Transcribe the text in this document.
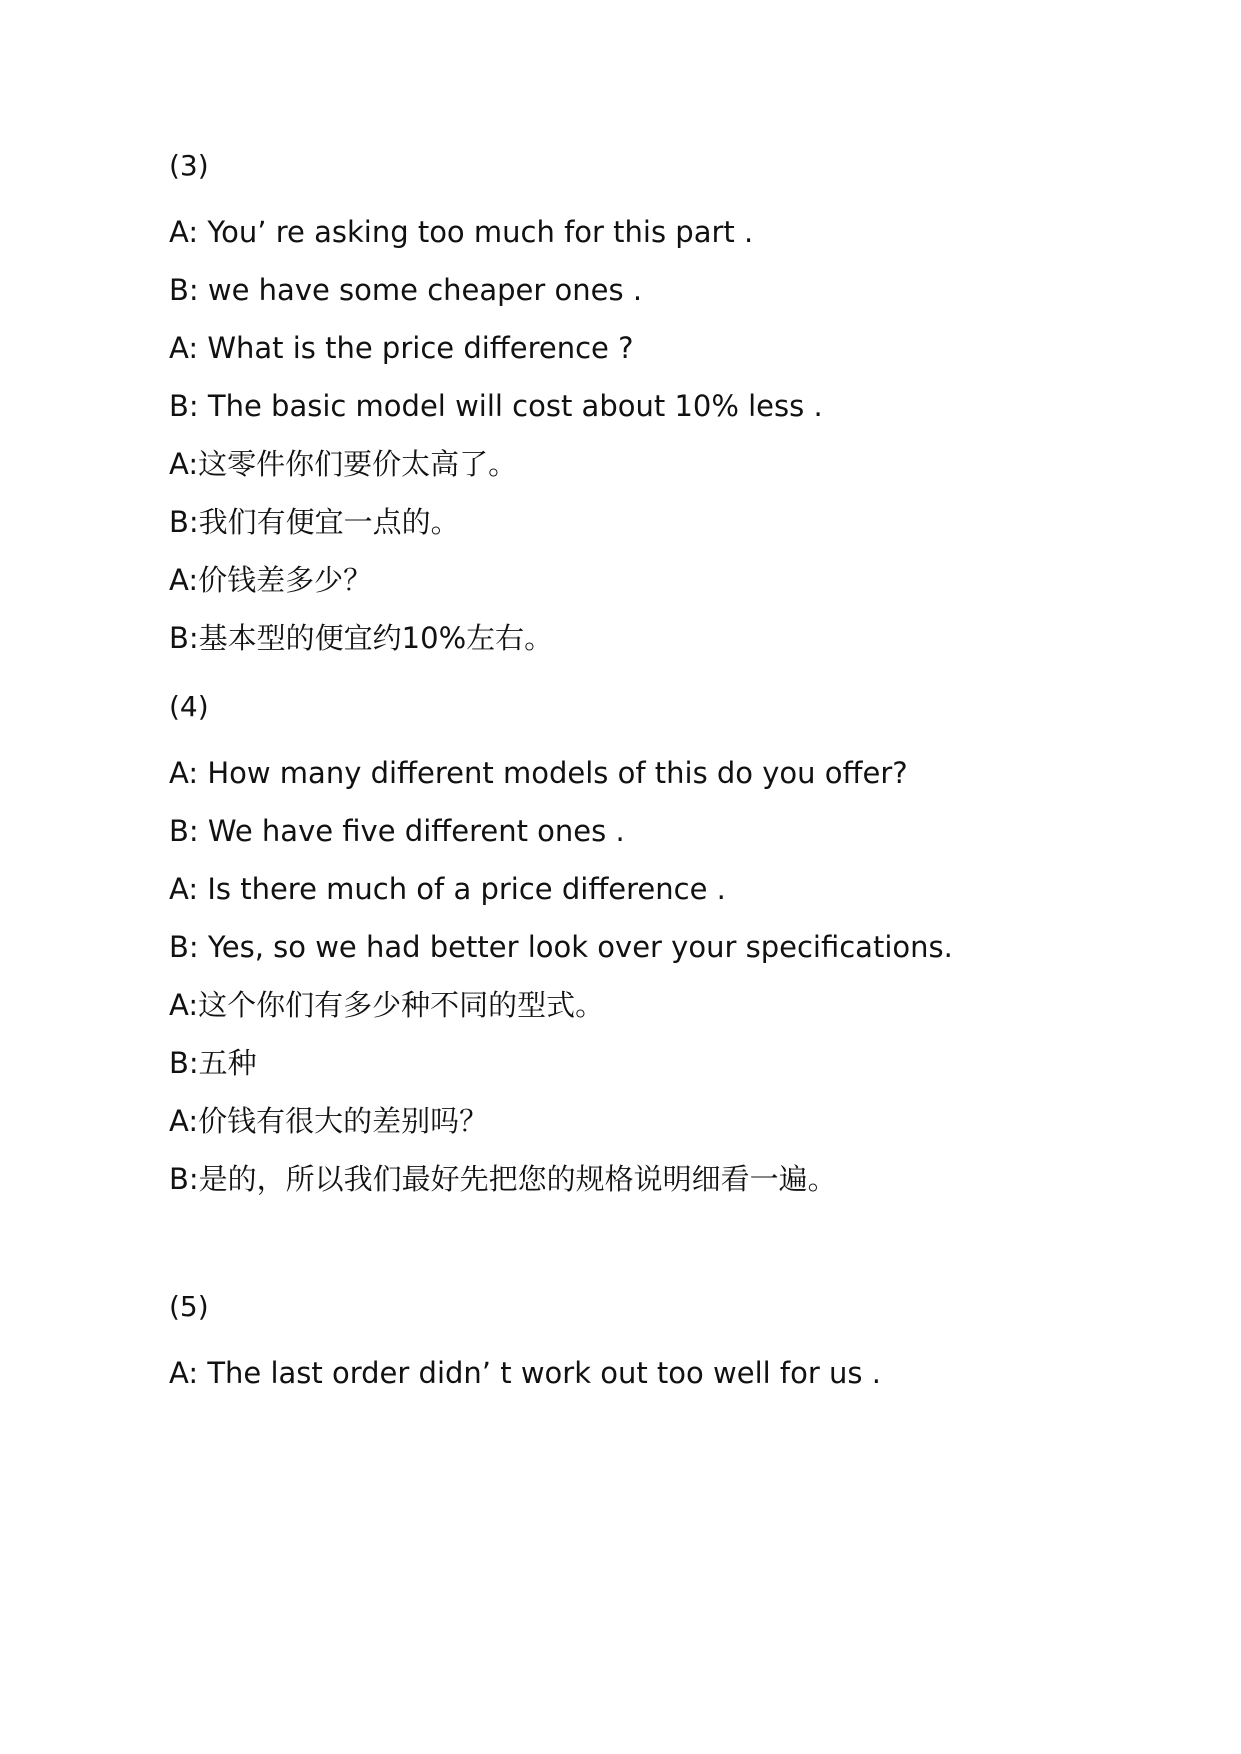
(3)

A: You’ re asking too much for this part .

B: we have some cheaper ones .

A: What is the price difference ?

B: The basic model will cost about 10% less .

A:这零件你们要价太高了。

B:我们有便宜一点的。

A:价钱差多少？

B:基本型的便宜约10%左右。

(4)

A: How many different models of this do you offer?

B: We have five different ones .

A: Is there much of a price difference .

B: Yes, so we had better look over your specifications.

A:这个你们有多少种不同的型式。

B:五种

A:价钱有很大的差别吗？

B:是的，所以我们最好先把您的规格说明细看一遍。

(5)

A: The last order didn’ t work out too well for us .
